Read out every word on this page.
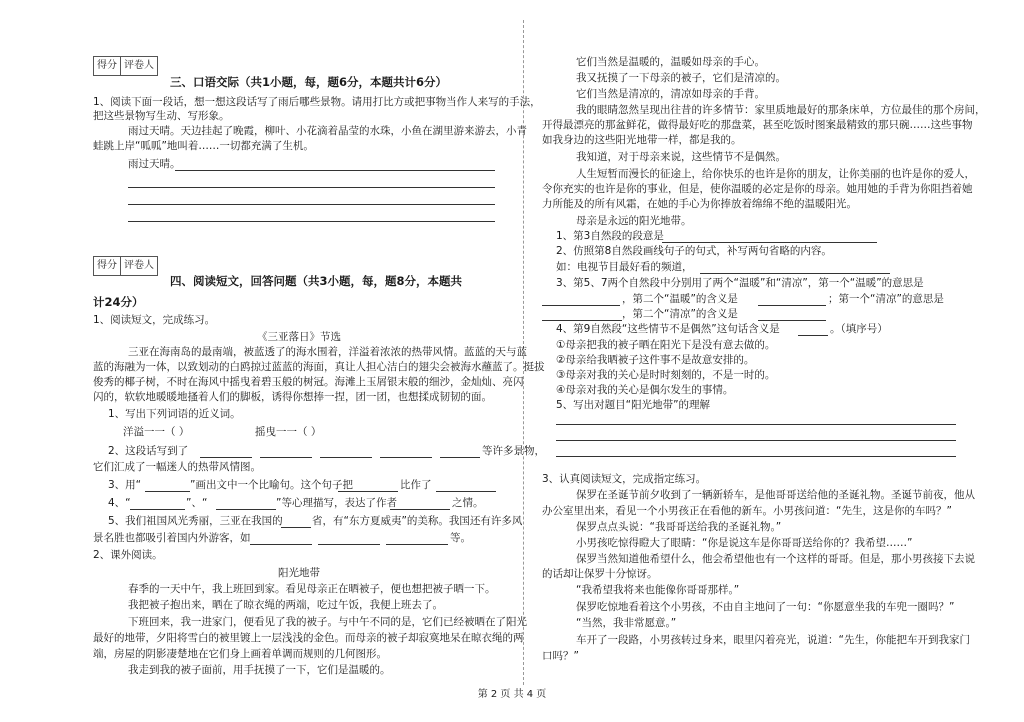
得分 评卷人
三、口语交际（共1小题，每，题6分，本题共计6分）
1、阅读下面一段话，想一想这段话写了雨后哪些景物。请用打比方或把事物当作人来写的手法，
把这些景物写生动、写形象。
雨过天晴。天边挂起了晚霞，柳叶、小花滴着晶莹的水珠，小鱼在湖里游来游去，小青
蛙跳上岸“呱呱”地叫着……一切都充满了生机。
雨过天晴。
得分 评卷人
四、阅读短文，回答问题（共3小题，每，题8分，本题共
计24分）
1、阅读短文，完成练习。
《三亚落日》节选
三亚在海南岛的最南端，被蓝透了的海水围着，洋溢着浓浓的热带风情。蓝蓝的天与蓝
蓝的海融为一体，以致划动的白鸥掠过蓝蓝的海面，真让人担心洁白的翅尖会被海水蘸蓝了。挺拔
俊秀的椰子树，不时在海风中摇曳着碧玉般的树冠。海滩上玉屑银末般的细沙，金灿灿、亮闪
闪的，软软地暖暖地搔着人们的脚板，诱得你想捧一捏，团一团，也想揉成韧韧的面。
1、写出下列词语的近义词。
洋溢一一（ ）	摇曳一一（ ）
2、这段话写到了	等许多景物，
它们汇成了一幅迷人的热带风情图。
3、用“	”画出文中一个比喻句。这个句子把	比作了
4、“	”、“	”等心理描写，表达了作者	之情。
5、我们祖国风光秀丽，三亚在我国的	省，有“东方夏威夷”的美称。我国还有许多风
景名胜也都吸引着国内外游客，如	等。
2、课外阅读。
阳光地带
春季的一天中午，我上班回到家。看见母亲正在晒被子，便也想把被子晒一下。
我把被子抱出来，晒在了晾衣绳的两端，吃过午饭，我便上班去了。
下班回来，我一进家门，便看见了我的被子。与中午不同的是，它们已经被晒在了阳光
最好的地带，夕阳将雪白的被里镀上一层浅浅的金色。而母亲的被子却寂寞地呆在晾衣绳的两
端，房屋的阴影凄楚地在它们身上画着单调而规则的几何图形。
我走到我的被子面前，用手抚摸了一下，它们是温暖的。
它们当然是温暖的，温暖如母亲的手心。
我又抚摸了一下母亲的被子，它们是清凉的。
它们当然是清凉的，清凉如母亲的手背。
我的眼睛忽然呈现出往昔的许多情节：家里质地最好的那条床单，方位最佳的那个房间，
开得最漂亮的那盆鲜花，做得最好吃的那盘菜，甚至吃饭时图案最精致的那只碗……这些事物
如我身边的这些阳光地带一样，都是我的。
我知道，对于母亲来说，这些情节不是偶然。
人生短暂而漫长的征途上，给你快乐的也许是你的朋友，让你美丽的也许是你的爱人，
令你充实的也许是你的事业，但是，使你温暖的必定是你的母亲。她用她的手背为你阻挡着她
力所能及的所有风霜，在她的手心为你捧放着绵绵不绝的温暖阳光。
母亲是永远的阳光地带。
1、第3自然段的段意是
2、仿照第8自然段画线句子的句式，补写两句省略的内容。
如：电视节目最好看的频道，
3、第5、7两个自然段中分别用了两个“温暖”和“清凉”，第一个“温暖”的意思是
，第二个“温暖”的含义是	；第一个“清凉”的意思是
，第二个“清凉”的含义是
4、第9自然段“这些情节不是偶然”这句话含义是	。（填序号）
①母亲把我的被子晒在阳光下是没有意去做的。
②母亲给我晒被子这件事不是故意安排的。
③母亲对我的关心是时时刻刻的，不是一时的。
④母亲对我的关心是偶尔发生的事情。
5、写出对题目“阳光地带”的理解
3、认真阅读短文，完成指定练习。
保罗在圣诞节前夕收到了一辆新轿车，是他哥哥送给他的圣诞礼物。圣诞节前夜，他从
办公室里出来，看见一个小男孩正在看他的新车。小男孩问道：“先生，这是你的车吗？”
保罗点点头说：“我哥哥送给我的圣诞礼物。”
小男孩吃惊得瞪大了眼睛：“你是说这车是你哥哥送给你的？我希望……”
保罗当然知道他希望什么，他会希望他也有一个这样的哥哥。但是，那小男孩接下去说
的话却让保罗十分惊讶。
“我希望我将来也能像你哥哥那样。”
保罗吃惊地看着这个小男孩，不由自主地问了一句：“你愿意坐我的车兜一圈吗？”
“当然，我非常愿意。”
车开了一段路，小男孩转过身来，眼里闪着亮光，说道：“先生，你能把车开到我家门
口吗？”
第 2 页 共 4 页
